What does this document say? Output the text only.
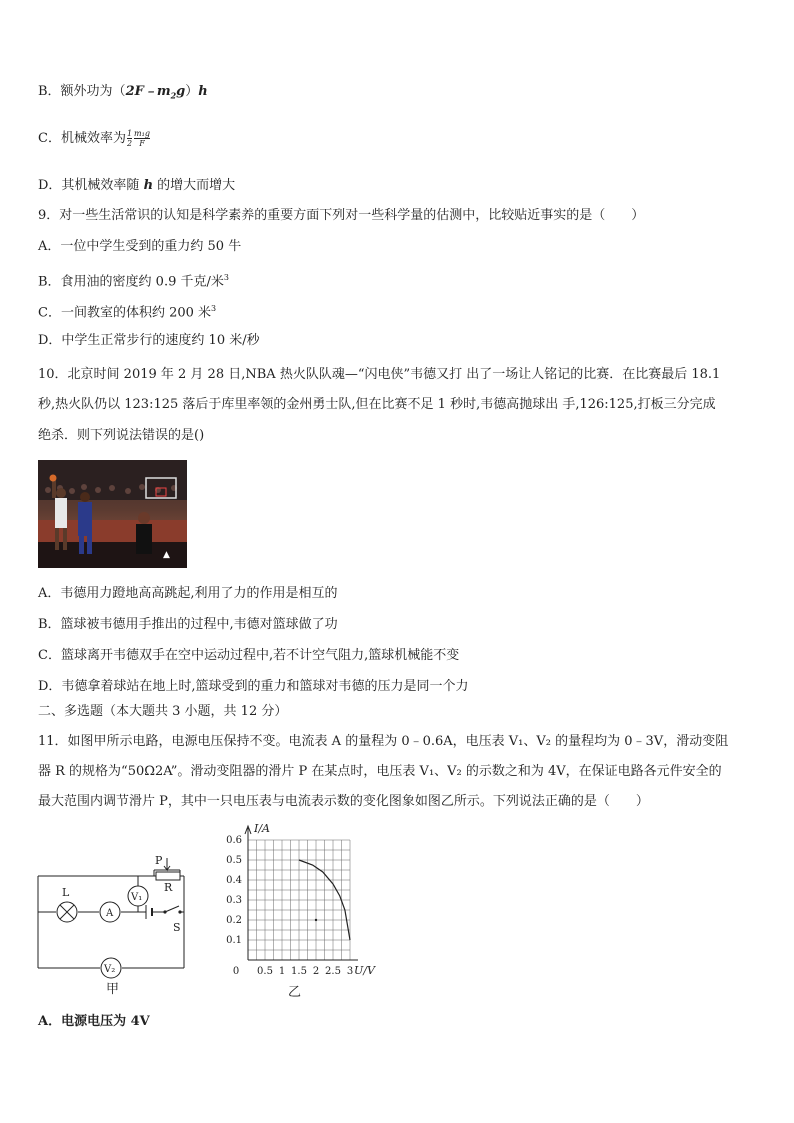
B．额外功为$(2F﹣m_2g)h$
C．机械效率为 $\frac{1}{2} \frac{\text{m₁g}}{F}$
D．其机械效率随 h 的增大而增大
9．对一些生活常识的认知是科学素养的重要方面下列对一些科学量的估测中，比较贴近事实的是（　　）
A．一位中学生受到的重力约 50 牛
B．食用油的密度约 0.9 千克/米$^3$
C．一间教室的体积约 200 米$^3$
D．中学生正常步行的速度约 10 米/秒
10．北京时间 2019 年 2 月 28 日,NBA 热火队队魂—“闪电侠”韦德又打 出了一场让人铭记的比赛．在比赛最后 18.1
秒,热火队仍以 123:125 落后于库里率领的金州勇士队,但在比赛不足 1 秒时,韦德高抛球出 手,126:125,打板三分完成
绝杀．则下列说法错误的是()
▲
A．韦德用力蹬地高高跳起,利用了力的作用是相互的
B．篮球被韦德用手推出的过程中,韦德对篮球做了功
C．篮球离开韦德双手在空中运动过程中,若不计空气阻力,篮球机械能不变
D．韦德拿着球站在地上时,篮球受到的重力和篮球对韦德的压力是同一个力
二、多选题（本大题共 3 小题，共 12 分）
11．如图甲所示电路，电源电压保持不变。电流表 A 的量程为 0﹣0.6A，电压表 V₁、V₂ 的量程均为 0﹣3V，滑动变阻
器 R 的规格为“50Ω2A”。滑动变阻器的滑片 P 在某点时，电压表 V₁、V₂ 的示数之和为 4V，在保证电路各元件安全的
最大范围内调节滑片 P，其中一只电压表与电流表示数的变化图象如图乙所示。下列说法正确的是（　　）
L
A
V₁
V₂
P
R
S
甲
0.1
0.2
0.3
0.4
0.5
0.6
0 0.5 1 1.5 2 2.5 3
I/A
U/V
乙
A．电源电压为 4V
